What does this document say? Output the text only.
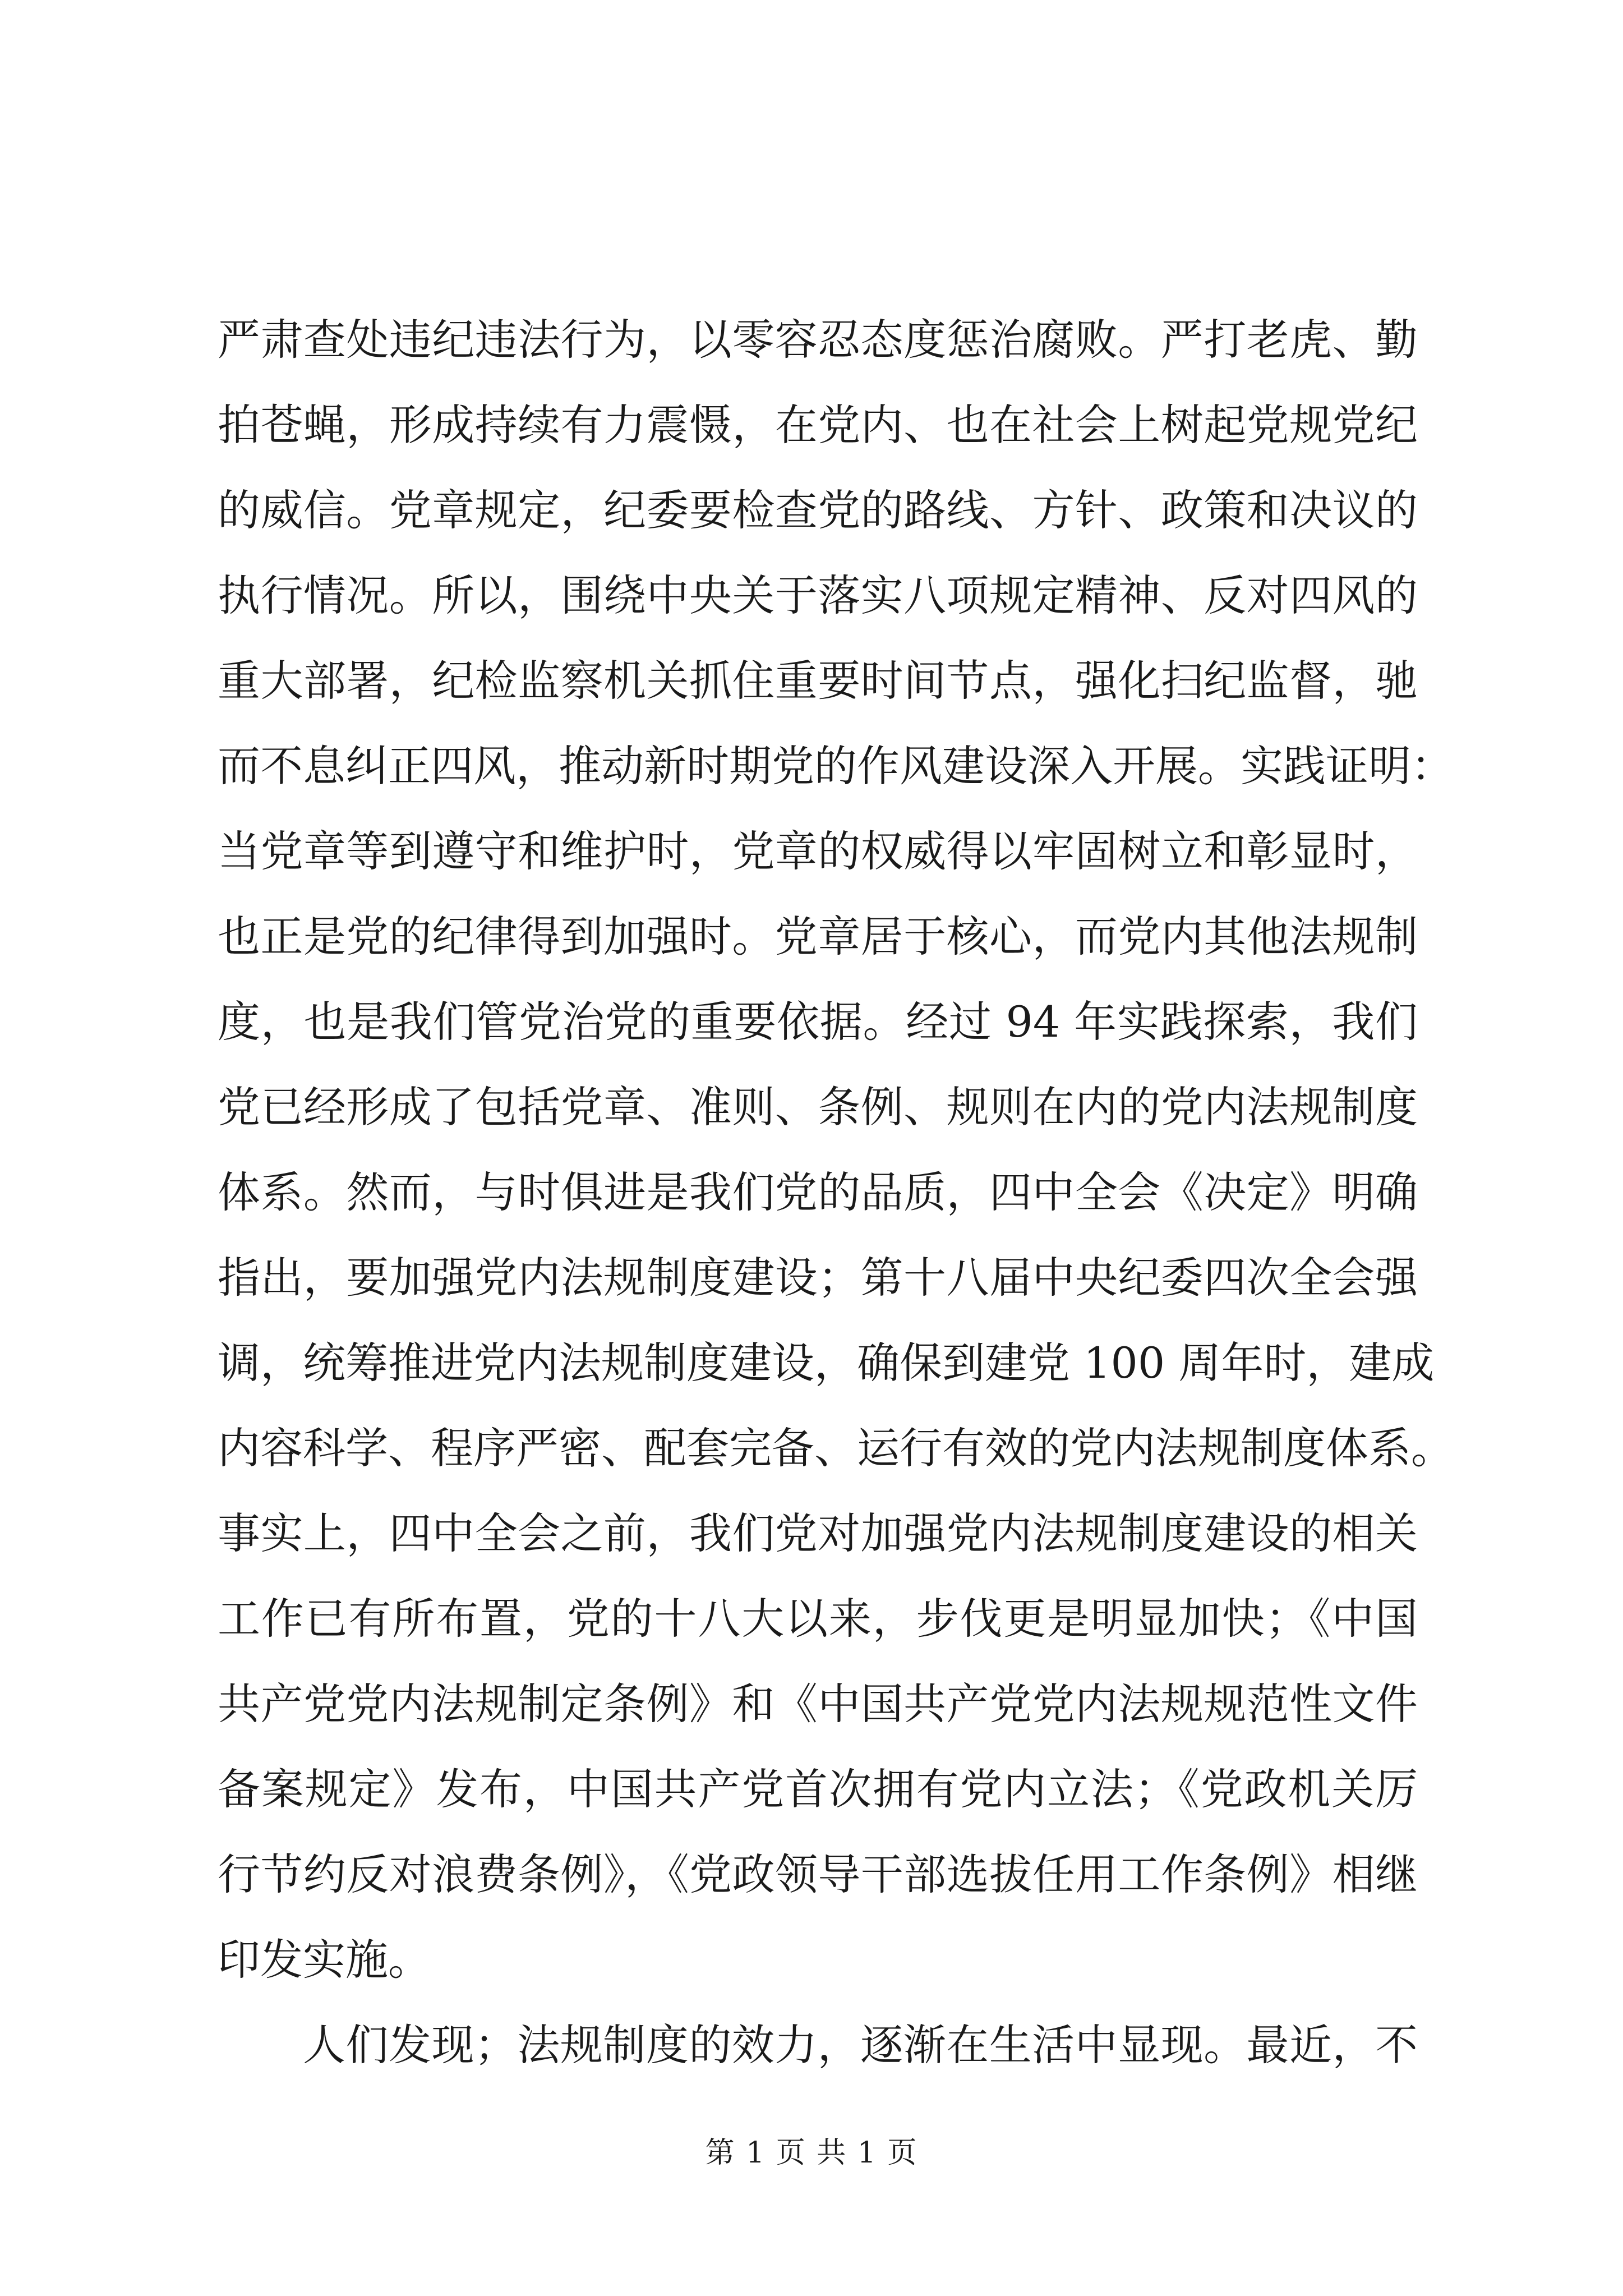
严肃查处违纪违法行为，以零容忍态度惩治腐败。严打老虎、勤
拍苍蝇，形成持续有力震慑，在党内、也在社会上树起党规党纪
的威信。党章规定，纪委要检查党的路线、方针、政策和决议的
执行情况。所以，围绕中央关于落实八项规定精神、反对四风的
重大部署，纪检监察机关抓住重要时间节点，强化扫纪监督，驰
而不息纠正四风，推动新时期党的作风建设深入开展。实践证明：
当党章等到遵守和维护时，党章的权威得以牢固树立和彰显时，
也正是党的纪律得到加强时。党章居于核心，而党内其他法规制
度，也是我们管党治党的重要依据。经过 94 年实践探索，我们
党已经形成了包括党章、准则、条例、规则在内的党内法规制度
体系。然而，与时俱进是我们党的品质，四中全会《决定》明确
指出，要加强党内法规制度建设；第十八届中央纪委四次全会强
调，统筹推进党内法规制度建设，确保到建党 100 周年时，建成
内容科学、程序严密、配套完备、运行有效的党内法规制度体系。
事实上，四中全会之前，我们党对加强党内法规制度建设的相关
工作已有所布置，党的十八大以来，步伐更是明显加快；《中国
共产党党内法规制定条例》和《中国共产党党内法规规范性文件
备案规定》发布，中国共产党首次拥有党内立法；《党政机关厉
行节约反对浪费条例》，《党政领导干部选拔任用工作条例》相继
印发实施。
人们发现；法规制度的效力，逐渐在生活中显现。最近，不
第 1 页 共 1 页
